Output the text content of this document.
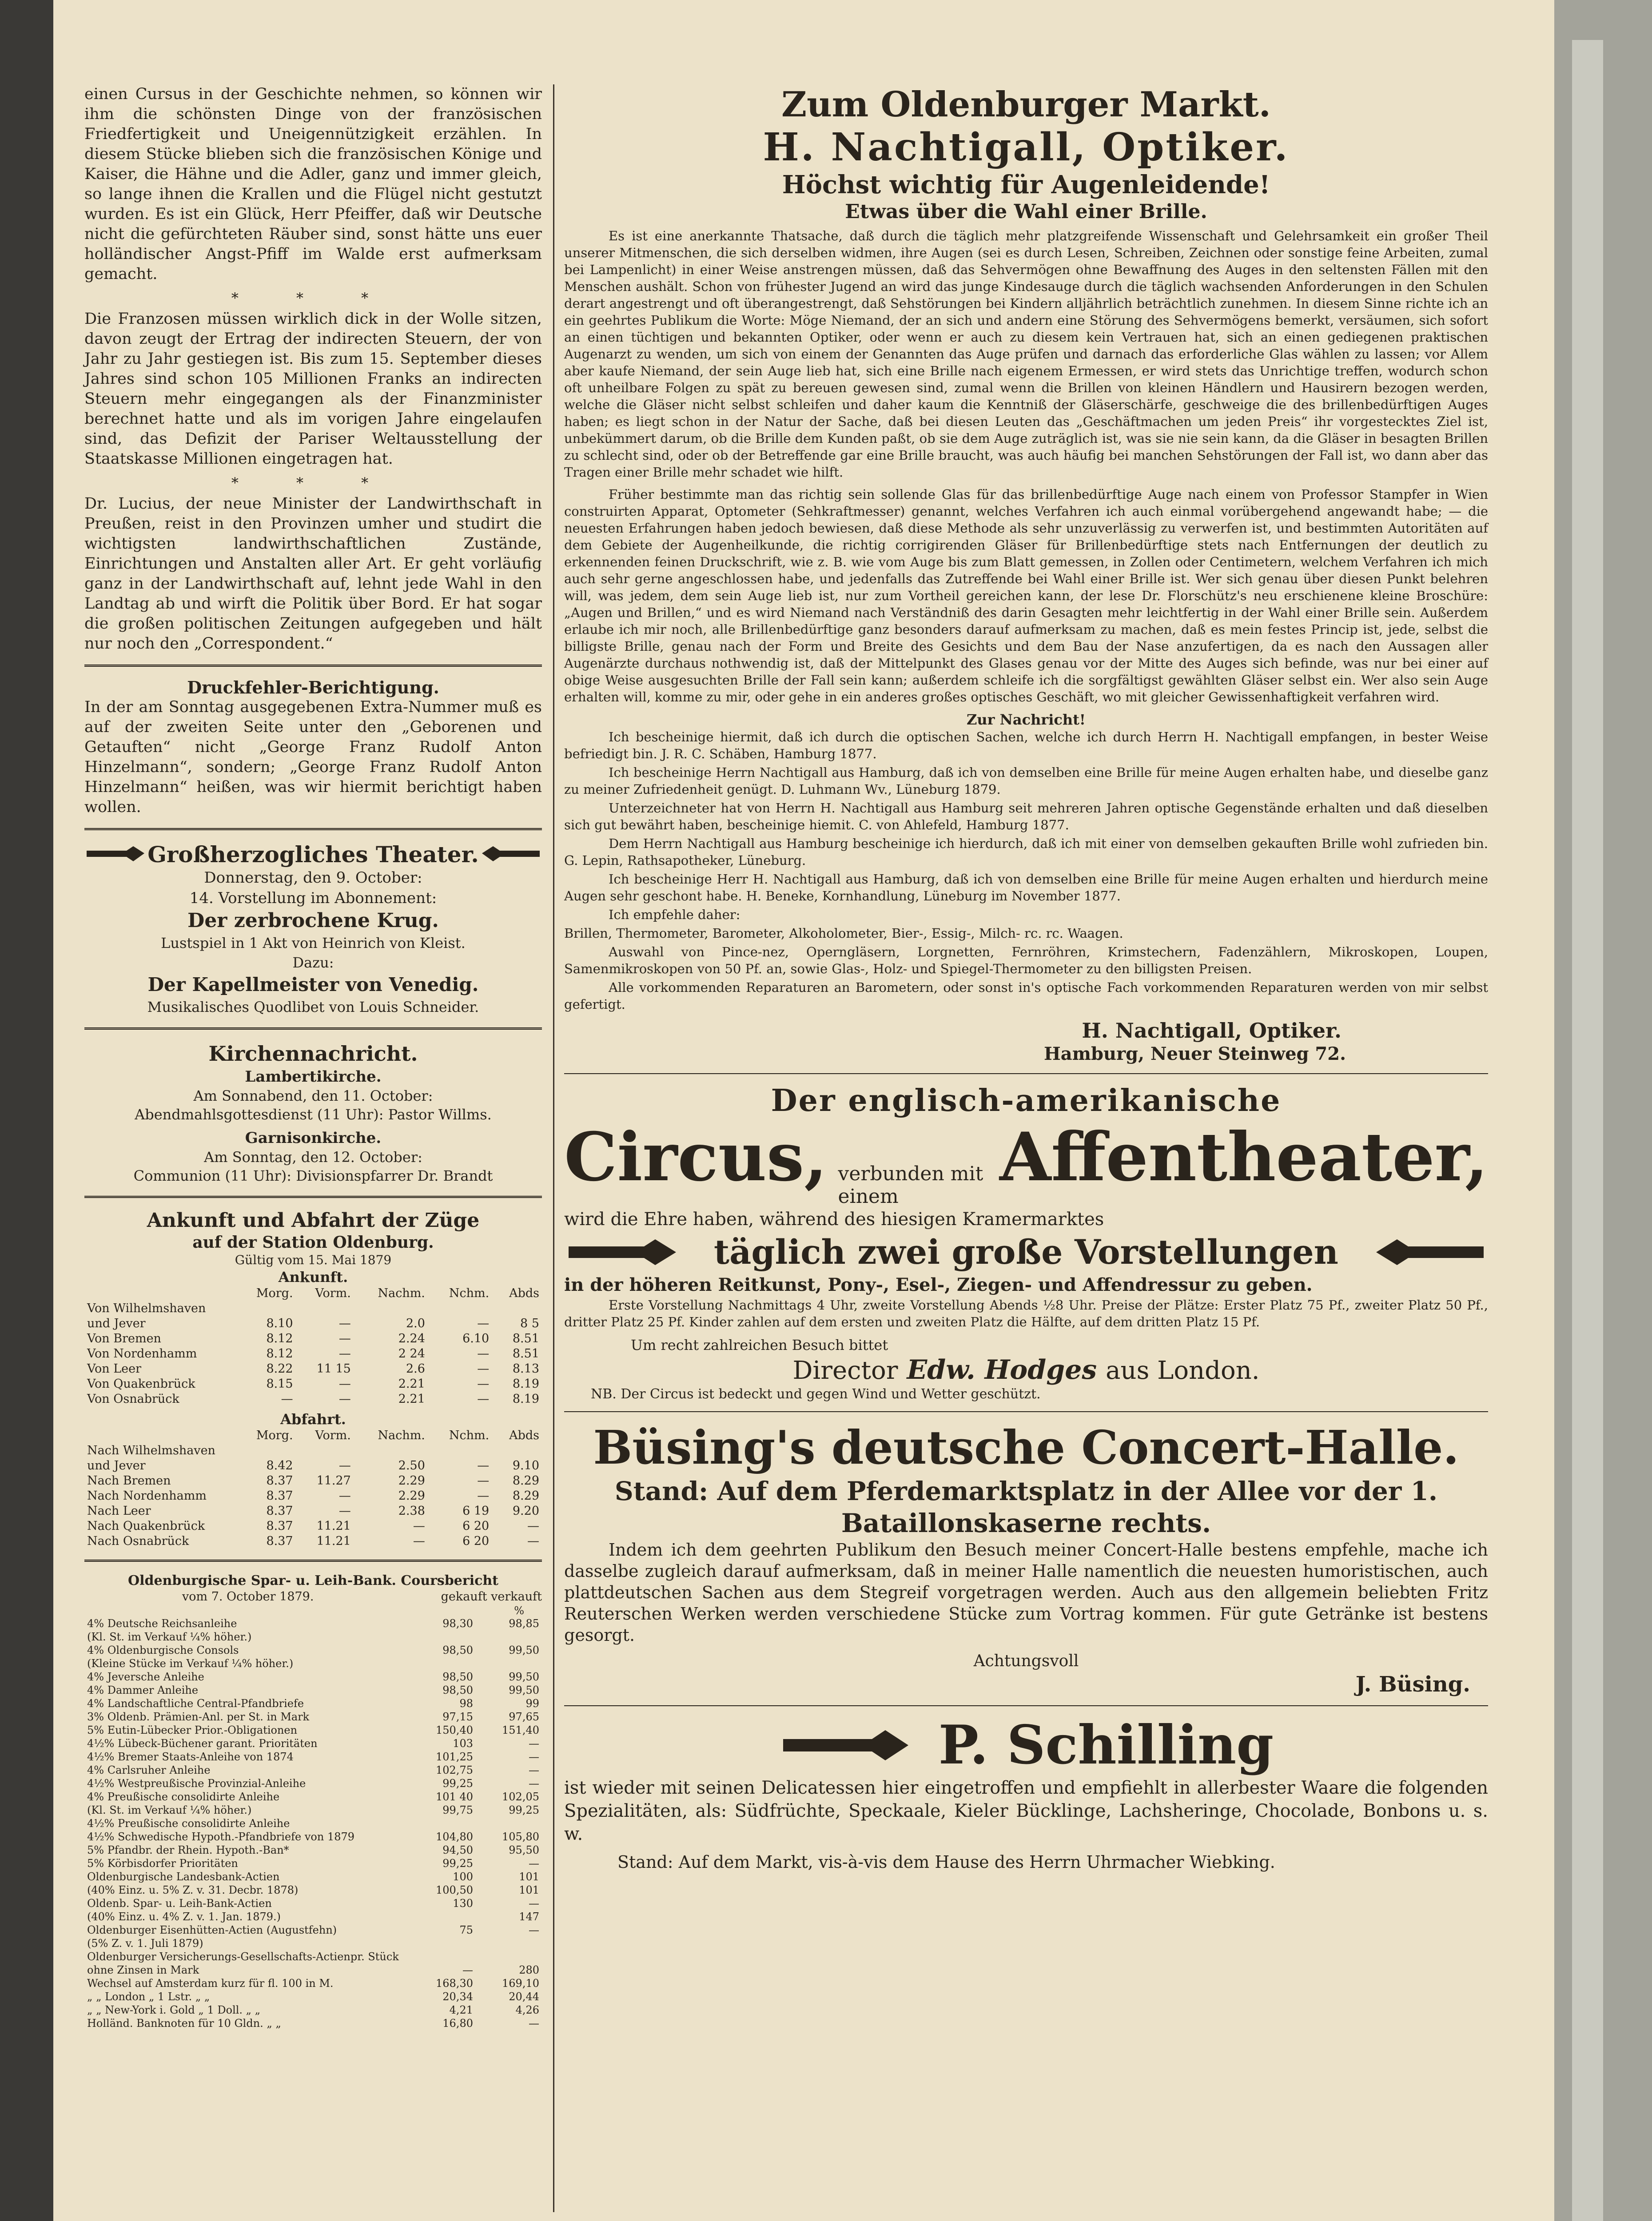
einen Cursus in der Geschichte nehmen, so können wir ihm die schönsten Dinge von der französischen Friedfertigkeit und Uneigennützigkeit erzählen. In diesem Stücke blieben sich die französischen Könige und Kaiser, die Hähne und die Adler, ganz und immer gleich, so lange ihnen die Krallen und die Flügel nicht gestutzt wurden. Es ist ein Glück, Herr Pfeiffer, daß wir Deutsche nicht die gefürchteten Räuber sind, sonst hätte uns euer holländischer Angst-Pfiff im Walde erst aufmerksam gemacht.

* * *

Die Franzosen müssen wirklich dick in der Wolle sitzen, davon zeugt der Ertrag der indirecten Steuern, der von Jahr zu Jahr gestiegen ist. Bis zum 15. September dieses Jahres sind schon 105 Millionen Franks an indirecten Steuern mehr eingegangen als der Finanzminister berechnet hatte und als im vorigen Jahre eingelaufen sind, das Defizit der Pariser Weltausstellung der Staatskasse Millionen eingetragen hat.

* * *

Dr. Lucius, der neue Minister der Landwirthschaft in Preußen, reist in den Provinzen umher und studirt die wichtigsten landwirthschaftlichen Zustände, Einrichtungen und Anstalten aller Art. Er geht vorläufig ganz in der Landwirthschaft auf, lehnt jede Wahl in den Landtag ab und wirft die Politik über Bord. Er hat sogar die großen politischen Zeitungen aufgegeben und hält nur noch den „Correspondent.“

Druckfehler-Berichtigung.

In der am Sonntag ausgegebenen Extra-Nummer muß es auf der zweiten Seite unter den „Geborenen und Getauften“ nicht „George Franz Rudolf Anton Hinzelmann“, sondern; „George Franz Rudolf Anton Hinzelmann“ heißen, was wir hiermit berichtigt haben wollen.

Großherzogliches Theater.
Donnerstag, den 9. October:
14. Vorstellung im Abonnement:
Der zerbrochene Krug.
Lustspiel in 1 Akt von Heinrich von Kleist.
Dazu:
Der Kapellmeister von Venedig.
Musikalisches Quodlibet von Louis Schneider.
Kirchennachricht.
Lambertikirche.
Am Sonnabend, den 11. October:
Abendmahlsgottesdienst (11 Uhr): Pastor Willms.
Garnisonkirche.
Am Sonntag, den 12. October:
Communion (11 Uhr): Divisionspfarrer Dr. Brandt
Ankunft und Abfahrt der Züge
auf der Station Oldenburg.
Gültig vom 15. Mai 1879
Ankunft.
	Morg.	Vorm.	Nachm.	Nchm.	Abds
Von Wilhelmshaven					
und Jever	8.10	—	2.0	—	8 5
Von Bremen	8.12	—	2.24	6.10	8.51
Von Nordenhamm	8.12	—	2 24	—	8.51
Von Leer	8.22	11 15	2.6	—	8.13
Von Quakenbrück	8.15	—	2.21	—	8.19
Von Osnabrück	—	—	2.21	—	8.19
Abfahrt.
	Morg.	Vorm.	Nachm.	Nchm.	Abds
Nach Wilhelmshaven					
und Jever	8.42	—	2.50	—	9.10
Nach Bremen	8.37	11.27	2.29	—	8.29
Nach Nordenhamm	8.37	—	2.29	—	8.29
Nach Leer	8.37	—	2.38	6 19	9.20
Nach Quakenbrück	8.37	11.21	—	6 20	—
Nach Osnabrück	8.37	11.21	—	6 20	—
Oldenburgische Spar- u. Leih-Bank. Coursbericht
vom 7. October 1879.	gekauft verkauft
%
4% Deutsche Reichsanleihe	98,30	98,85
(Kl. St. im Verkauf ¼% höher.)		
4% Oldenburgische Consols	98,50	99,50
(Kleine Stücke im Verkauf ¼% höher.)		
4% Jeversche Anleihe	98,50	99,50
4% Dammer Anleihe	98,50	99,50
4% Landschaftliche Central-Pfandbriefe	98	99
3% Oldenb. Prämien-Anl. per St. in Mark	97,15	97,65
5% Eutin-Lübecker Prior.-Obligationen	150,40	151,40
4½% Lübeck-Büchener garant. Prioritäten	103	—
4½% Bremer Staats-Anleihe von 1874	101,25	—
4% Carlsruher Anleihe	102,75	—
4½% Westpreußische Provinzial-Anleihe	99,25	—
4% Preußische consolidirte Anleihe	101 40	102,05
(Kl. St. im Verkauf ¼% höher.)	99,75	99,25
4½% Preußische consolidirte Anleihe		
4½% Schwedische Hypoth.-Pfandbriefe von 1879	104,80	105,80
5% Pfandbr. der Rhein. Hypoth.-Ban*	94,50	95,50
5% Körbisdorfer Prioritäten	99,25	—
Oldenburgische Landesbank-Actien	100	101
(40% Einz. u. 5% Z. v. 31. Decbr. 1878)	100,50	101
Oldenb. Spar- u. Leih-Bank-Actien	130	—
(40% Einz. u. 4% Z. v. 1. Jan. 1879.)		147
Oldenburger Eisenhütten-Actien (Augustfehn)	75	—
(5% Z. v. 1. Juli 1879)		
Oldenburger Versicherungs-Gesellschafts-Actienpr. Stück		
ohne Zinsen in Mark	—	280
Wechsel auf Amsterdam kurz für fl. 100 in M.	168,30	169,10
„ „ London „ 1 Lstr. „ „	20,34	20,44
„ „ New-York i. Gold „ 1 Doll. „ „	4,21	4,26
Holländ. Banknoten für 10 Gldn. „ „	16,80	—
Zum Oldenburger Markt.
H. Nachtigall, Optiker.
Höchst wichtig für Augenleidende!
Etwas über die Wahl einer Brille.

Es ist eine anerkannte Thatsache, daß durch die täglich mehr platzgreifende Wissenschaft und Gelehrsamkeit ein großer Theil unserer Mitmenschen, die sich derselben widmen, ihre Augen (sei es durch Lesen, Schreiben, Zeichnen oder sonstige feine Arbeiten, zumal bei Lampenlicht) in einer Weise anstrengen müssen, daß das Sehvermögen ohne Bewaffnung des Auges in den seltensten Fällen mit den Menschen aushält. Schon von frühester Jugend an wird das junge Kindesauge durch die täglich wachsenden Anforderungen in den Schulen derart angestrengt und oft überangestrengt, daß Sehstörungen bei Kindern alljährlich beträchtlich zunehmen. In diesem Sinne richte ich an ein geehrtes Publikum die Worte: Möge Niemand, der an sich und andern eine Störung des Sehvermögens bemerkt, versäumen, sich sofort an einen tüchtigen und bekannten Optiker, oder wenn er auch zu diesem kein Vertrauen hat, sich an einen gediegenen praktischen Augenarzt zu wenden, um sich von einem der Genannten das Auge prüfen und darnach das erforderliche Glas wählen zu lassen; vor Allem aber kaufe Niemand, der sein Auge lieb hat, sich eine Brille nach eigenem Ermessen, er wird stets das Unrichtige treffen, wodurch schon oft unheilbare Folgen zu spät zu bereuen gewesen sind, zumal wenn die Brillen von kleinen Händlern und Hausirern bezogen werden, welche die Gläser nicht selbst schleifen und daher kaum die Kenntniß der Gläserschärfe, geschweige die des brillenbedürftigen Auges haben; es liegt schon in der Natur der Sache, daß bei diesen Leuten das „Geschäftmachen um jeden Preis“ ihr vorgestecktes Ziel ist, unbekümmert darum, ob die Brille dem Kunden paßt, ob sie dem Auge zuträglich ist, was sie nie sein kann, da die Gläser in besagten Brillen zu schlecht sind, oder ob der Betreffende gar eine Brille braucht, was auch häufig bei manchen Sehstörungen der Fall ist, wo dann aber das Tragen einer Brille mehr schadet wie hilft.

Früher bestimmte man das richtig sein sollende Glas für das brillenbedürftige Auge nach einem von Professor Stampfer in Wien construirten Apparat, Optometer (Sehkraftmesser) genannt, welches Verfahren ich auch einmal vorübergehend angewandt habe; — die neuesten Erfahrungen haben jedoch bewiesen, daß diese Methode als sehr unzuverlässig zu verwerfen ist, und bestimmten Autoritäten auf dem Gebiete der Augenheilkunde, die richtig corrigirenden Gläser für Brillenbedürftige stets nach Entfernungen der deutlich zu erkennenden feinen Druckschrift, wie z. B. wie vom Auge bis zum Blatt gemessen, in Zollen oder Centimetern, welchem Verfahren ich mich auch sehr gerne angeschlossen habe, und jedenfalls das Zutreffende bei Wahl einer Brille ist. Wer sich genau über diesen Punkt belehren will, was jedem, dem sein Auge lieb ist, nur zum Vortheil gereichen kann, der lese Dr. Florschütz's neu erschienene kleine Broschüre: „Augen und Brillen,“ und es wird Niemand nach Verständniß des darin Gesagten mehr leichtfertig in der Wahl einer Brille sein. Außerdem erlaube ich mir noch, alle Brillenbedürftige ganz besonders darauf aufmerksam zu machen, daß es mein festes Princip ist, jede, selbst die billigste Brille, genau nach der Form und Breite des Gesichts und dem Bau der Nase anzufertigen, da es nach den Aussagen aller Augenärzte durchaus nothwendig ist, daß der Mittelpunkt des Glases genau vor der Mitte des Auges sich befinde, was nur bei einer auf obige Weise ausgesuchten Brille der Fall sein kann; außerdem schleife ich die sorgfältigst gewählten Gläser selbst ein. Wer also sein Auge erhalten will, komme zu mir, oder gehe in ein anderes großes optisches Geschäft, wo mit gleicher Gewissenhaftigkeit verfahren wird.

Zur Nachricht!

Ich bescheinige hiermit, daß ich durch die optischen Sachen, welche ich durch Herrn H. Nachtigall empfangen, in bester Weise befriedigt bin. J. R. C. Schäben, Hamburg 1877.

Ich bescheinige Herrn Nachtigall aus Hamburg, daß ich von demselben eine Brille für meine Augen erhalten habe, und dieselbe ganz zu meiner Zufriedenheit genügt. D. Luhmann Wv., Lüneburg 1879.

Unterzeichneter hat von Herrn H. Nachtigall aus Hamburg seit mehreren Jahren optische Gegenstände erhalten und daß dieselben sich gut bewährt haben, bescheinige hiemit. C. von Ahlefeld, Hamburg 1877.

Dem Herrn Nachtigall aus Hamburg bescheinige ich hierdurch, daß ich mit einer von demselben gekauften Brille wohl zufrieden bin. G. Lepin, Rathsapotheker, Lüneburg.

Ich bescheinige Herr H. Nachtigall aus Hamburg, daß ich von demselben eine Brille für meine Augen erhalten und hierdurch meine Augen sehr geschont habe. H. Beneke, Kornhandlung, Lüneburg im November 1877.

Ich empfehle daher:

Brillen, Thermometer, Barometer, Alkoholometer, Bier-, Essig-, Milch- rc. rc. Waagen.

Auswahl von Pince-nez, Operngläsern, Lorgnetten, Fernröhren, Krimstechern, Fadenzählern, Mikroskopen, Loupen, Samenmikroskopen von 50 Pf. an, sowie Glas-, Holz- und Spiegel-Thermometer zu den billigsten Preisen.

Alle vorkommenden Reparaturen an Barometern, oder sonst in's optische Fach vorkommenden Reparaturen werden von mir selbst gefertigt.

H. Nachtigall, Optiker.
Hamburg, Neuer Steinweg 72.
Der englisch-amerikanische
Circus, verbunden mit einem
Affentheater,
wird die Ehre haben, während des hiesigen Kramermarktes
täglich zwei große Vorstellungen
in der höheren Reitkunst, Pony-, Esel-, Ziegen- und Affendressur zu geben.

Erste Vorstellung Nachmittags 4 Uhr, zweite Vorstellung Abends ½8 Uhr. Preise der Plätze: Erster Platz 75 Pf., zweiter Platz 50 Pf., dritter Platz 25 Pf. Kinder zahlen auf dem ersten und zweiten Platz die Hälfte, auf dem dritten Platz 15 Pf.

Um recht zahlreichen Besuch bittet
Director Edw. Hodges aus London.
NB. Der Circus ist bedeckt und gegen Wind und Wetter geschützt.
Büsing's deutsche Concert-Halle.
Stand: Auf dem Pferdemarktsplatz in der Allee vor der 1. Bataillonskaserne rechts.

Indem ich dem geehrten Publikum den Besuch meiner Concert-Halle bestens empfehle, mache ich dasselbe zugleich darauf aufmerksam, daß in meiner Halle namentlich die neuesten humoristischen, auch plattdeutschen Sachen aus dem Stegreif vorgetragen werden. Auch aus den allgemein beliebten Fritz Reuterschen Werken werden verschiedene Stücke zum Vortrag kommen. Für gute Getränke ist bestens gesorgt.

Achtungsvoll
J. Büsing.
P. Schilling

ist wieder mit seinen Delicatessen hier eingetroffen und empfiehlt in allerbester Waare die folgenden Spezialitäten, als: Südfrüchte, Speckaale, Kieler Bücklinge, Lachsheringe, Chocolade, Bonbons u. s. w.

Stand: Auf dem Markt, vis-à-vis dem Hause des Herrn Uhrmacher Wiebking.
